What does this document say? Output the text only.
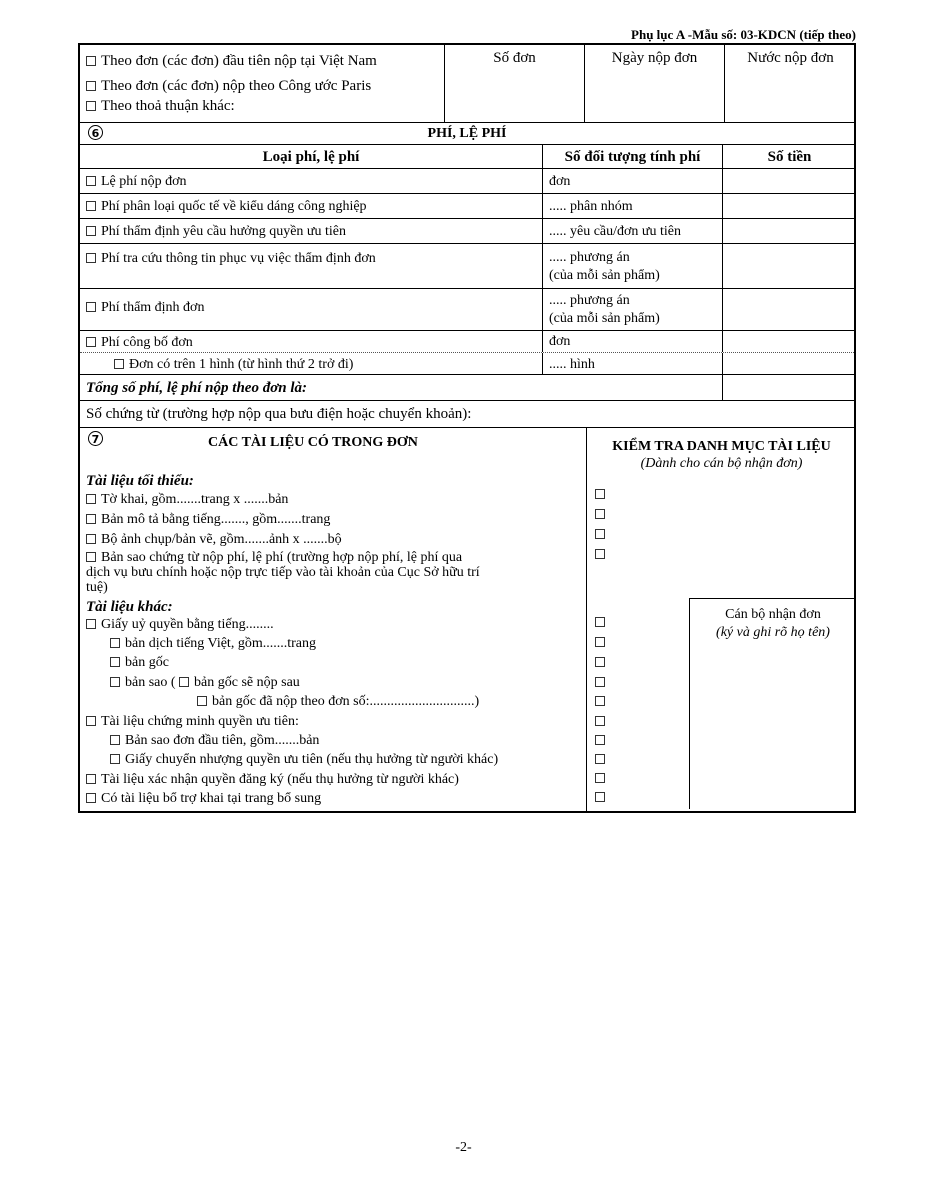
Phụ lục A -Mẫu số: 03-KDCN (tiếp theo)
Theo đơn (các đơn) đầu tiên nộp tại Việt Nam
Theo đơn (các đơn) nộp theo Công ước Paris
Theo thoả thuận khác:
Số đơn	Ngày nộp đơn	Nước nộp đơn
6	PHÍ, LỆ PHÍ
Loại phí, lệ phí	Số đối tượng tính phí	Số tiền
Lệ phí nộp đơn	đơn
Phí phân loại quốc tế về kiểu dáng công nghiệp	..... phân nhóm
Phí thẩm định yêu cầu hưởng quyền ưu tiên	..... yêu cầu/đơn ưu tiên
Phí tra cứu thông tin phục vụ việc thẩm định đơn	..... phương án
(của mỗi sản phẩm)
Phí thẩm định đơn	..... phương án
(của mỗi sản phẩm)
Phí công bố đơn	đơn
Đơn có trên 1 hình (từ hình thứ 2 trở đi)	..... hình
Tổng số phí, lệ phí nộp theo đơn là:
Số chứng từ (trường hợp nộp qua bưu điện hoặc chuyển khoản):
7	CÁC TÀI LIỆU CÓ TRONG ĐƠN
Tài liệu tối thiểu:
Tờ khai, gồm.......trang x .......bản
Bản mô tả bằng tiếng......., gồm.......trang
Bộ ảnh chụp/bản vẽ, gồm.......ảnh x .......bộ
Bản sao chứng từ nộp phí, lệ phí (trường hợp nộp phí, lệ phí qua
dịch vụ bưu chính hoặc nộp trực tiếp vào tài khoản của Cục Sở hữu trí
tuệ)
Tài liệu khác:
Giấy uỷ quyền bằng tiếng........
bản dịch tiếng Việt, gồm.......trang
bản gốc
bản sao ( bản gốc sẽ nộp sau
bản gốc đã nộp theo đơn số:..............................)
Tài liệu chứng minh quyền ưu tiên:
Bản sao đơn đầu tiên, gồm.......bản
Giấy chuyển nhượng quyền ưu tiên (nếu thụ hưởng từ người khác)
Tài liệu xác nhận quyền đăng ký (nếu thụ hưởng từ người khác)
Có tài liệu bổ trợ khai tại trang bổ sung
KIỂM TRA DANH MỤC TÀI LIỆU
(Dành cho cán bộ nhận đơn)
Cán bộ nhận đơn
(ký và ghi rõ họ tên)
-2-
